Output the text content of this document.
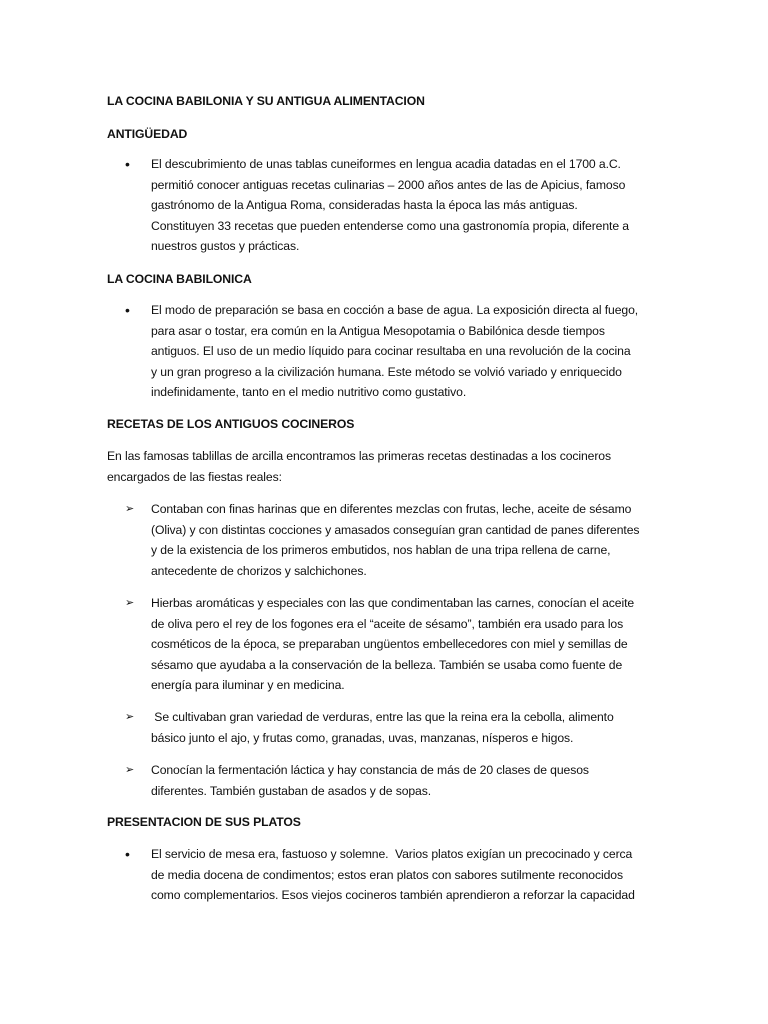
LA COCINA BABILONIA Y SU ANTIGUA ALIMENTACION
ANTIGÜEDAD
•	El descubrimiento de unas tablas cuneiformes en lengua acadia datadas en el 1700 a.C.
permitió conocer antiguas recetas culinarias – 2000 años antes de las de Apicius, famoso
gastrónomo de la Antigua Roma, consideradas hasta la época las más antiguas.
Constituyen 33 recetas que pueden entenderse como una gastronomía propia, diferente a
nuestros gustos y prácticas.
LA COCINA BABILONICA
•	El modo de preparación se basa en cocción a base de agua. La exposición directa al fuego,
para asar o tostar, era común en la Antigua Mesopotamia o Babilónica desde tiempos
antiguos. El uso de un medio líquido para cocinar resultaba en una revolución de la cocina
y un gran progreso a la civilización humana. Este método se volvió variado y enriquecido
indefinidamente, tanto en el medio nutritivo como gustativo.
RECETAS DE LOS ANTIGUOS COCINEROS
En las famosas tablillas de arcilla encontramos las primeras recetas destinadas a los cocineros
encargados de las fiestas reales:
➢	Contaban con finas harinas que en diferentes mezclas con frutas, leche, aceite de sésamo
(Oliva) y con distintas cocciones y amasados conseguían gran cantidad de panes diferentes
y de la existencia de los primeros embutidos, nos hablan de una tripa rellena de carne,
antecedente de chorizos y salchichones.
➢	Hierbas aromáticas y especiales con las que condimentaban las carnes, conocían el aceite
de oliva pero el rey de los fogones era el “aceite de sésamo”, también era usado para los
cosméticos de la época, se preparaban ungüentos embellecedores con miel y semillas de
sésamo que ayudaba a la conservación de la belleza. También se usaba como fuente de
energía para iluminar y en medicina.
➢	Se cultivaban gran variedad de verduras, entre las que la reina era la cebolla, alimento
básico junto el ajo, y frutas como, granadas, uvas, manzanas, nísperos e higos.
➢	Conocían la fermentación láctica y hay constancia de más de 20 clases de quesos
diferentes. También gustaban de asados y de sopas.
PRESENTACION DE SUS PLATOS
•	El servicio de mesa era, fastuoso y solemne.  Varios platos exigían un precocinado y cerca
de media docena de condimentos; estos eran platos con sabores sutilmente reconocidos
como complementarios. Esos viejos cocineros también aprendieron a reforzar la capacidad
